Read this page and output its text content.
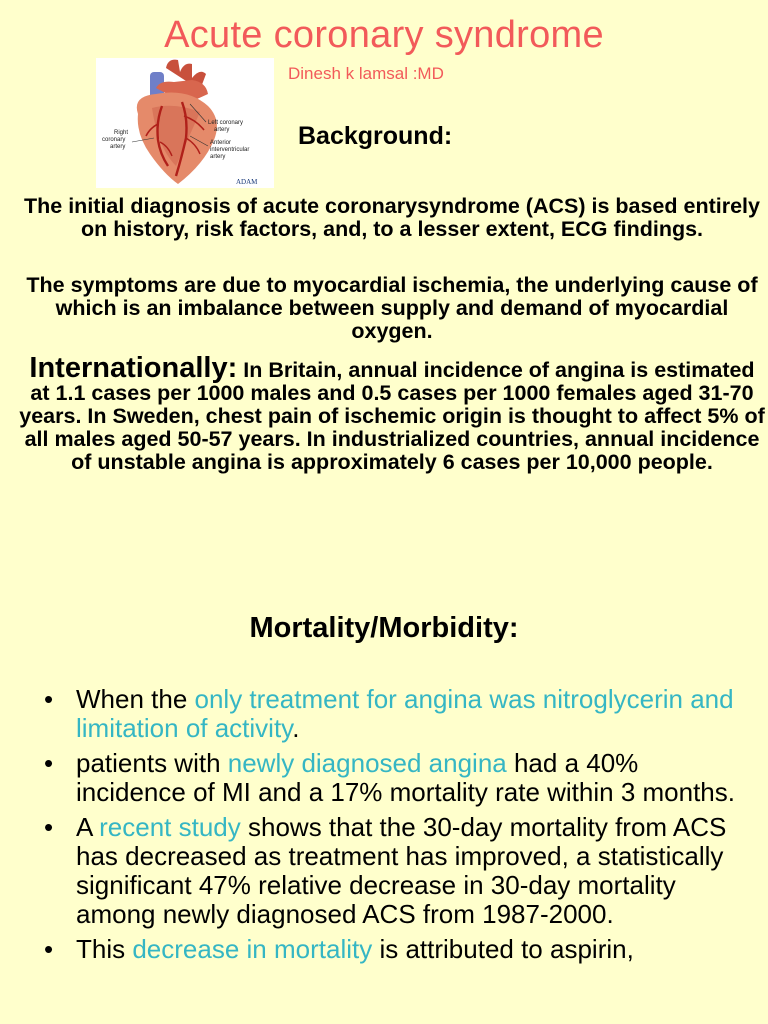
Acute coronary syndrome
Dinesh k lamsal :MD
Left coronary artery
Right coronary artery
Anterior interventricular artery
ADAM
Background:
The initial diagnosis of acute coronarysyndrome (ACS) is based entirely on history, risk factors, and, to a lesser extent, ECG findings.
The symptoms are due to myocardial ischemia, the underlying cause of which is an imbalance between supply and demand of myocardial oxygen.
Internationally: In Britain, annual incidence of angina is estimated at 1.1 cases per 1000 males and 0.5 cases per 1000 females aged 31-70 years. In Sweden, chest pain of ischemic origin is thought to affect 5% of all males aged 50-57 years. In industrialized countries, annual incidence of unstable angina is approximately 6 cases per 10,000 people.
Mortality/Morbidity:
• When the only treatment for angina was nitroglycerin and limitation of activity.
• patients with newly diagnosed angina had a 40% incidence of MI and a 17% mortality rate within 3 months.
• A recent study shows that the 30-day mortality from ACS has decreased as treatment has improved, a statistically significant 47% relative decrease in 30-day mortality among newly diagnosed ACS from 1987-2000.
• This decrease in mortality is attributed to aspirin,
